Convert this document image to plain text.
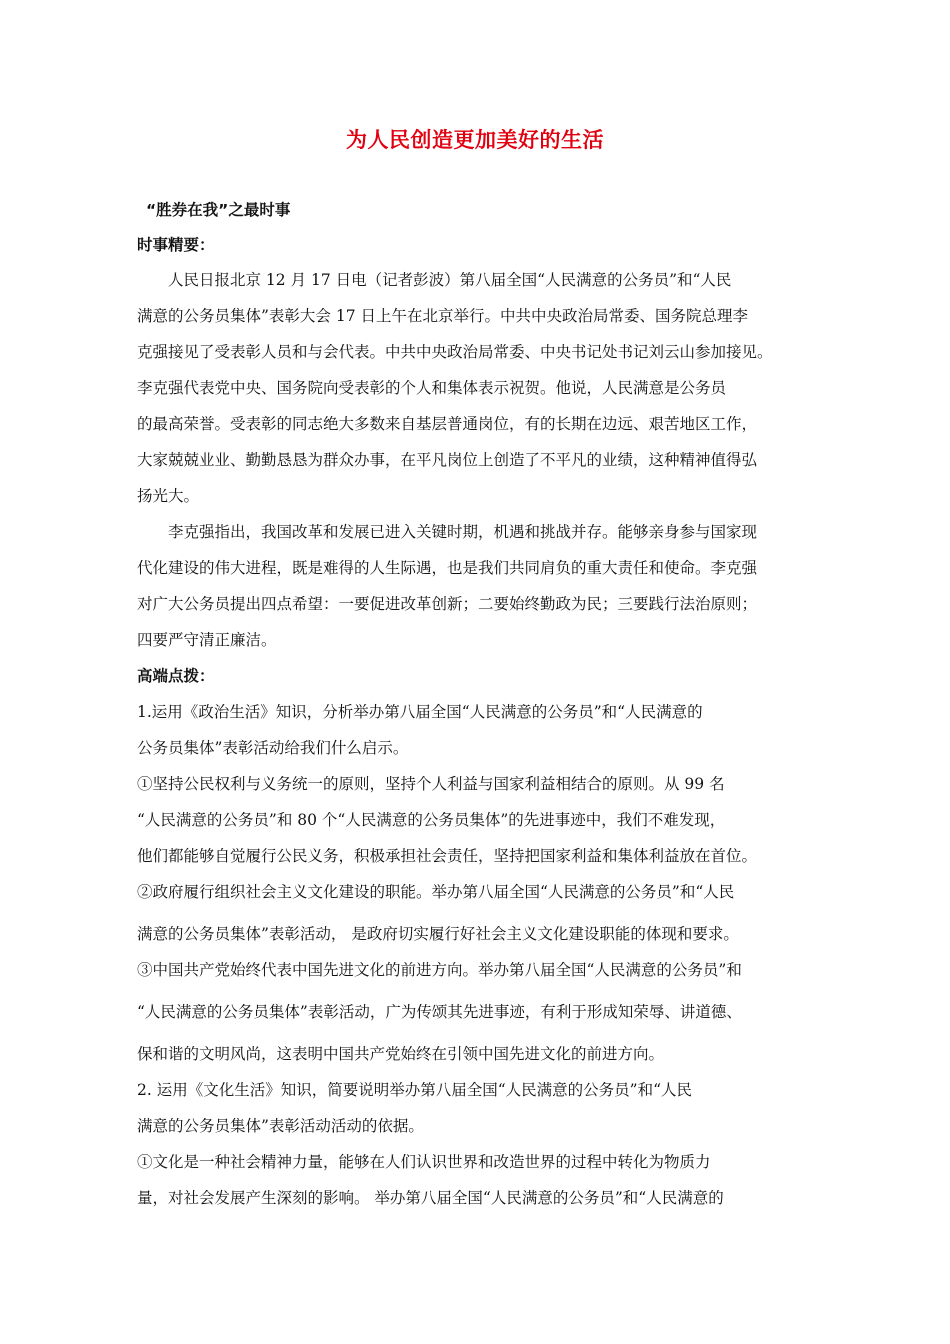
为人民创造更加美好的生活
“胜券在我”之最时事
时事精要：
人民日报北京 12 月 17 日电（记者彭波）第八届全国“人民满意的公务员”和“人民
满意的公务员集体”表彰大会 17 日上午在北京举行。中共中央政治局常委、国务院总理李
克强接见了受表彰人员和与会代表。中共中央政治局常委、中央书记处书记刘云山参加接见。
李克强代表党中央、国务院向受表彰的个人和集体表示祝贺。他说，人民满意是公务员
的最高荣誉。受表彰的同志绝大多数来自基层普通岗位，有的长期在边远、艰苦地区工作，
大家兢兢业业、勤勤恳恳为群众办事，在平凡岗位上创造了不平凡的业绩，这种精神值得弘
扬光大。
李克强指出，我国改革和发展已进入关键时期，机遇和挑战并存。能够亲身参与国家现
代化建设的伟大进程，既是难得的人生际遇，也是我们共同肩负的重大责任和使命。李克强
对广大公务员提出四点希望：一要促进改革创新；二要始终勤政为民；三要践行法治原则；
四要严守清正廉洁。
高端点拨：
1.运用《政治生活》知识，分析举办第八届全国“人民满意的公务员”和“人民满意的
公务员集体”表彰活动给我们什么启示。
①坚持公民权利与义务统一的原则，坚持个人利益与国家利益相结合的原则。从 99 名
“人民满意的公务员”和 80 个“人民满意的公务员集体”的先进事迹中，我们不难发现，
他们都能够自觉履行公民义务，积极承担社会责任，坚持把国家利益和集体利益放在首位。
②政府履行组织社会主义文化建设的职能。举办第八届全国“人民满意的公务员”和“人民
满意的公务员集体”表彰活动， 是政府切实履行好社会主义文化建设职能的体现和要求。
③中国共产党始终代表中国先进文化的前进方向。举办第八届全国“人民满意的公务员”和
“人民满意的公务员集体”表彰活动，广为传颂其先进事迹，有利于形成知荣辱、讲道德、
保和谐的文明风尚，这表明中国共产党始终在引领中国先进文化的前进方向。
2. 运用《文化生活》知识，简要说明举办第八届全国“人民满意的公务员”和“人民
满意的公务员集体”表彰活动活动的依据。
①文化是一种社会精神力量，能够在人们认识世界和改造世界的过程中转化为物质力
量，对社会发展产生深刻的影响。 举办第八届全国“人民满意的公务员”和“人民满意的
